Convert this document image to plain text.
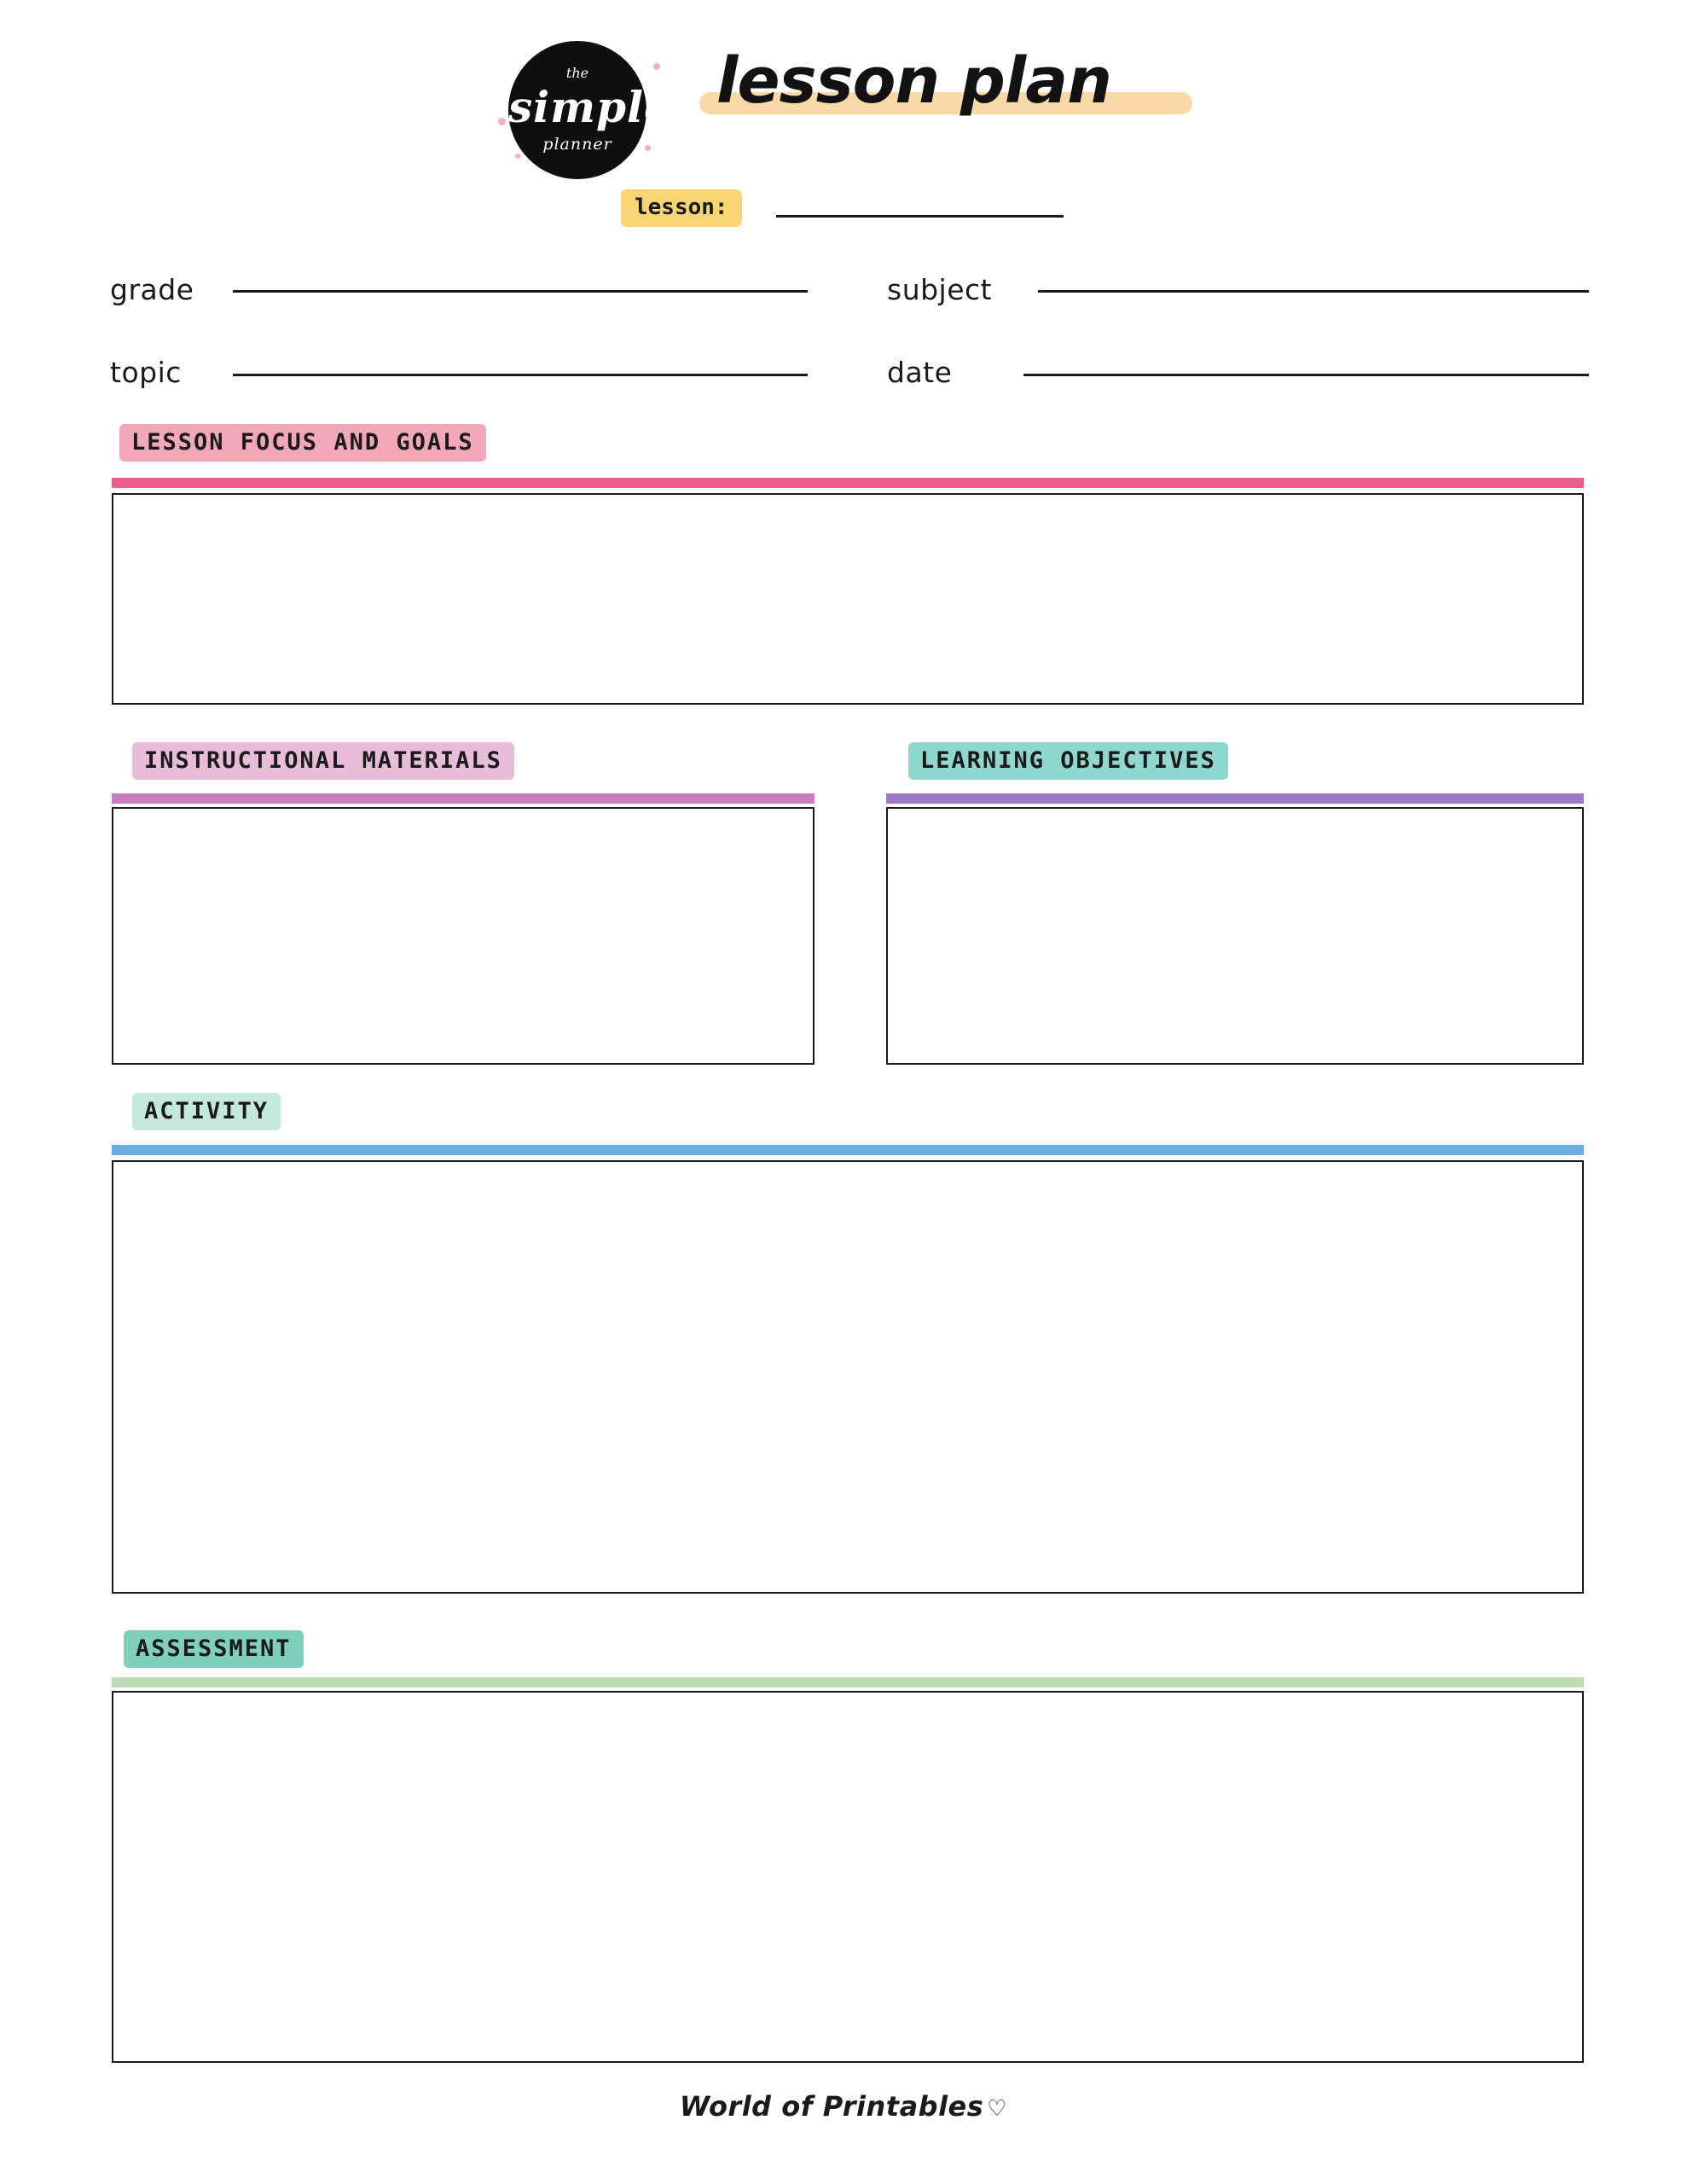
the
simple
planner
lesson plan
lesson:
grade	subject
topic	date
LESSON FOCUS AND GOALS
INSTRUCTIONAL MATERIALS	LEARNING OBJECTIVES
ACTIVITY
ASSESSMENT
World of Printables ♡
